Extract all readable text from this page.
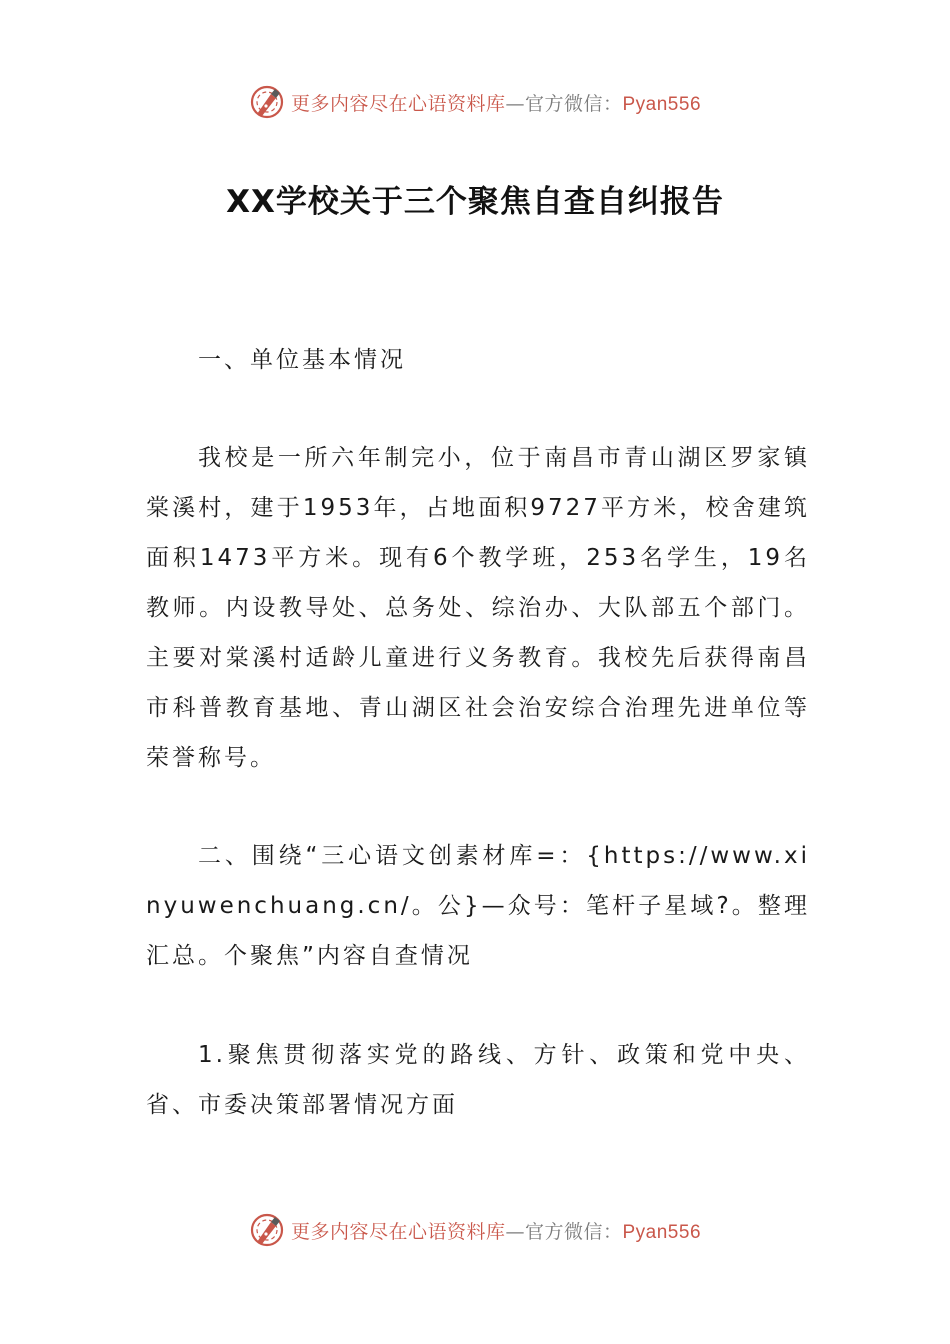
更多内容尽在心语资料库—官方微信：Pyan556
XX学校关于三个聚焦自查自纠报告

一、单位基本情况

我校是一所六年制完小，位于南昌市青山湖区罗家镇棠溪村，建于1953年，占地面积9727平方米，校舍建筑面积1473平方米。现有6个教学班，253名学生，19名教师。内设教导处、总务处、综治办、大队部五个部门。主要对棠溪村适龄儿童进行义务教育。我校先后获得南昌市科普教育基地、青山湖区社会治安综合治理先进单位等荣誉称号。

二、围绕“三心语文创素材库=：{https://www.xinyuwenchuang.cn/。公}—众号：笔杆子星域?。整理汇总。个聚焦”内容自查情况

1.聚焦贯彻落实党的路线、方针、政策和党中央、省、市委决策部署情况方面

更多内容尽在心语资料库—官方微信：Pyan556
